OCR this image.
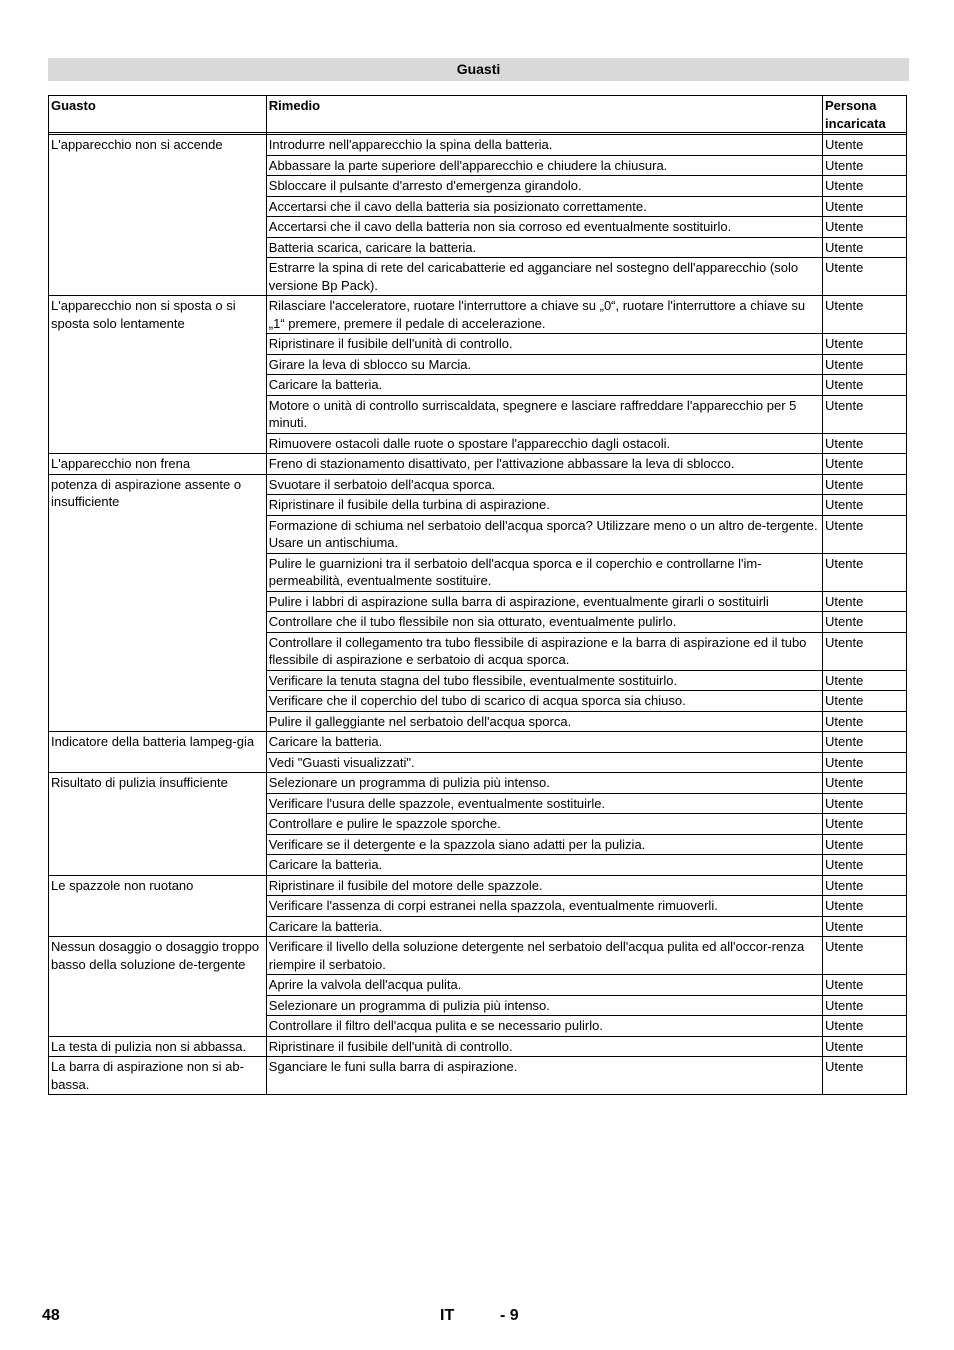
Guasti
Guasto	Rimedio	Persona incaricata

L'apparecchio non si accende	Introdurre nell'apparecchio la spina della batteria.	Utente
	Abbassare la parte superiore dell'apparecchio e chiudere la chiusura.	Utente
	Sbloccare il pulsante d'arresto d'emergenza girandolo.	Utente
	Accertarsi che il cavo della batteria sia posizionato correttamente.	Utente
	Accertarsi che il cavo della batteria non sia corroso ed eventualmente sostituirlo.	Utente
	Batteria scarica, caricare la batteria.	Utente
	Estrarre la spina di rete del caricabatterie ed agganciare nel sostegno dell'apparecchio (solo versione Bp Pack).	Utente
L'apparecchio non si sposta o si sposta solo lentamente	Rilasciare l'acceleratore, ruotare l'interruttore a chiave su „0“, ruotare l'interruttore a chiave su „1“ premere, premere il pedale di accelerazione.	Utente
	Ripristinare il fusibile dell'unità di controllo.	Utente
	Girare la leva di sblocco su Marcia.	Utente
	Caricare la batteria.	Utente
	Motore o unità di controllo surriscaldata, spegnere e lasciare raffreddare l'apparecchio per 5 minuti.	Utente
	Rimuovere ostacoli dalle ruote o spostare l'apparecchio dagli ostacoli.	Utente
L'apparecchio non frena	Freno di stazionamento disattivato, per l'attivazione abbassare la leva di sblocco.	Utente
potenza di aspirazione assente o insufficiente	Svuotare il serbatoio dell'acqua sporca.	Utente
	Ripristinare il fusibile della turbina di aspirazione.	Utente
	Formazione di schiuma nel serbatoio dell'acqua sporca? Utilizzare meno o un altro de-tergente. Usare un antischiuma.	Utente
	Pulire le guarnizioni tra il serbatoio dell'acqua sporca e il coperchio e controllarne l'im-permeabilità, eventualmente sostituire.	Utente
	Pulire i labbri di aspirazione sulla barra di aspirazione, eventualmente girarli o sostituirli	Utente
	Controllare che il tubo flessibile non sia otturato, eventualmente pulirlo.	Utente
	Controllare il collegamento tra tubo flessibile di aspirazione e la barra di aspirazione ed il tubo flessibile di aspirazione e serbatoio di acqua sporca.	Utente
	Verificare la tenuta stagna del tubo flessibile, eventualmente sostituirlo.	Utente
	Verificare che il coperchio del tubo di scarico di acqua sporca sia chiuso.	Utente
	Pulire il galleggiante nel serbatoio dell'acqua sporca.	Utente
Indicatore della batteria lampeg-gia	Caricare la batteria.	Utente
	Vedi "Guasti visualizzati".	Utente
Risultato di pulizia insufficiente	Selezionare un programma di pulizia più intenso.	Utente
	Verificare l'usura delle spazzole, eventualmente sostituirle.	Utente
	Controllare e pulire le spazzole sporche.	Utente
	Verificare se il detergente e la spazzola siano adatti per la pulizia.	Utente
	Caricare la batteria.	Utente
Le spazzole non ruotano	Ripristinare il fusibile del motore delle spazzole.	Utente
	Verificare l'assenza di corpi estranei nella spazzola, eventualmente rimuoverli.	Utente
	Caricare la batteria.	Utente
Nessun dosaggio o dosaggio troppo basso della soluzione de-tergente	Verificare il livello della soluzione detergente nel serbatoio dell'acqua pulita ed all'occor-renza riempire il serbatoio.	Utente
	Aprire la valvola dell'acqua pulita.	Utente
	Selezionare un programma di pulizia più intenso.	Utente
	Controllare il filtro dell'acqua pulita e se necessario pulirlo.	Utente
La testa di pulizia non si abbassa.	Ripristinare il fusibile dell'unità di controllo.	Utente
La barra di aspirazione non si ab-bassa.	Sganciare le funi sulla barra di aspirazione.	Utente
48	IT	- 9
